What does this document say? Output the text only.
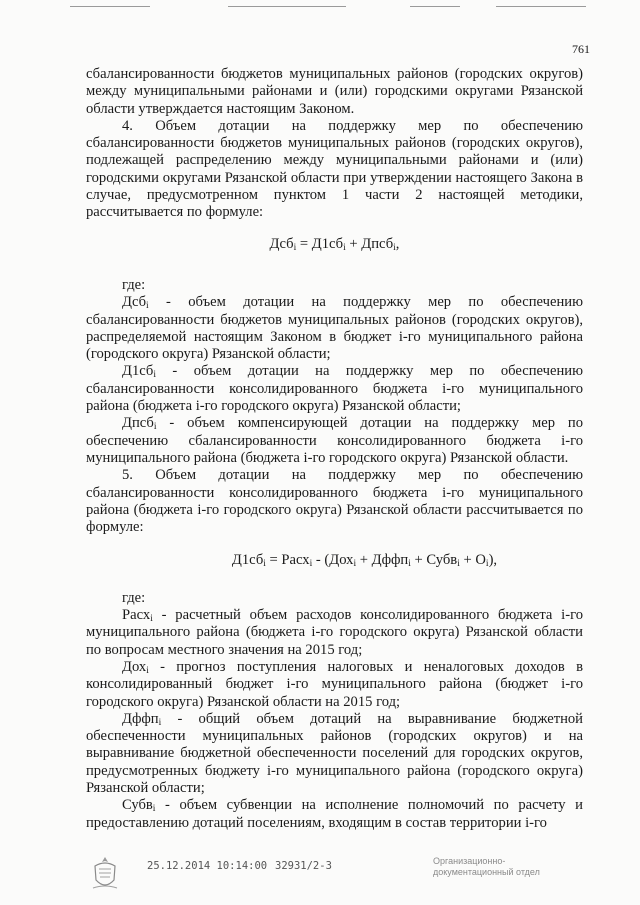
761

сбалансированности бюджетов муниципальных районов (городских округов) между муниципальными районами и (или) городскими округами Рязанской области утверждается настоящим Законом.

4. Объем дотации на поддержку мер по обеспечению сбалансированности бюджетов муниципальных районов (городских округов), подлежащей распределению между муниципальными районами и (или) городскими округами Рязанской области при утверждении настоящего Закона в случае, предусмотренном пунктом 1 части 2 настоящей методики, рассчитывается по формуле:

$Дсб_i = Д1сб_i$ + Дпсб$_i$,

где:

Дсб$_i$ - объем дотации на поддержку мер по обеспечению сбалансированности бюджетов муниципальных районов (городских округов), распределяемой настоящим Законом в бюджет i-го муниципального района (городского округа) Рязанской области;

$Д1сб_i$ - объем дотации на поддержку мер по обеспечению сбалансированности консолидированного бюджета i-го муниципального района (бюджета i-го городского округа) Рязанской области;

Дпсб$_i$ - объем компенсирующей дотации на поддержку мер по обеспечению сбалансированности консолидированного бюджета i-го муниципального района (бюджета i-го городского округа) Рязанской области.

5. Объем дотации на поддержку мер по обеспечению сбалансированности консолидированного бюджета i-го муниципального района (бюджета i-го городского округа) Рязанской области рассчитывается по формуле:

$Д1сб_i$ = Расх$_i$ - (Дох$_i$ + Дффп$_i$ + Субв$_i$ + $О_i$),

где:

Расх$_i$ - расчетный объем расходов консолидированного бюджета i-го муниципального района (бюджета i-го городского округа) Рязанской области по вопросам местного значения на 2015 год;

Дох$_i$ - прогноз поступления налоговых и неналоговых доходов в консолидированный бюджет i-го муниципального района (бюджет i-го городского округа) Рязанской области на 2015 год;

Дффп$_i$ - общий объем дотаций на выравнивание бюджетной обеспеченности муниципальных районов (городских округов) и на выравнивание бюджетной обеспеченности поселений для городских округов, предусмотренных бюджету i-го муниципального района (городского округа) Рязанской области;

Субв$_i$ - объем субвенции на исполнение полномочий по расчету и предоставлению дотаций поселениям, входящим в состав территории i-го

25.12.2014 10:14:00 32931/2-3	Организационно-документационный отдел
